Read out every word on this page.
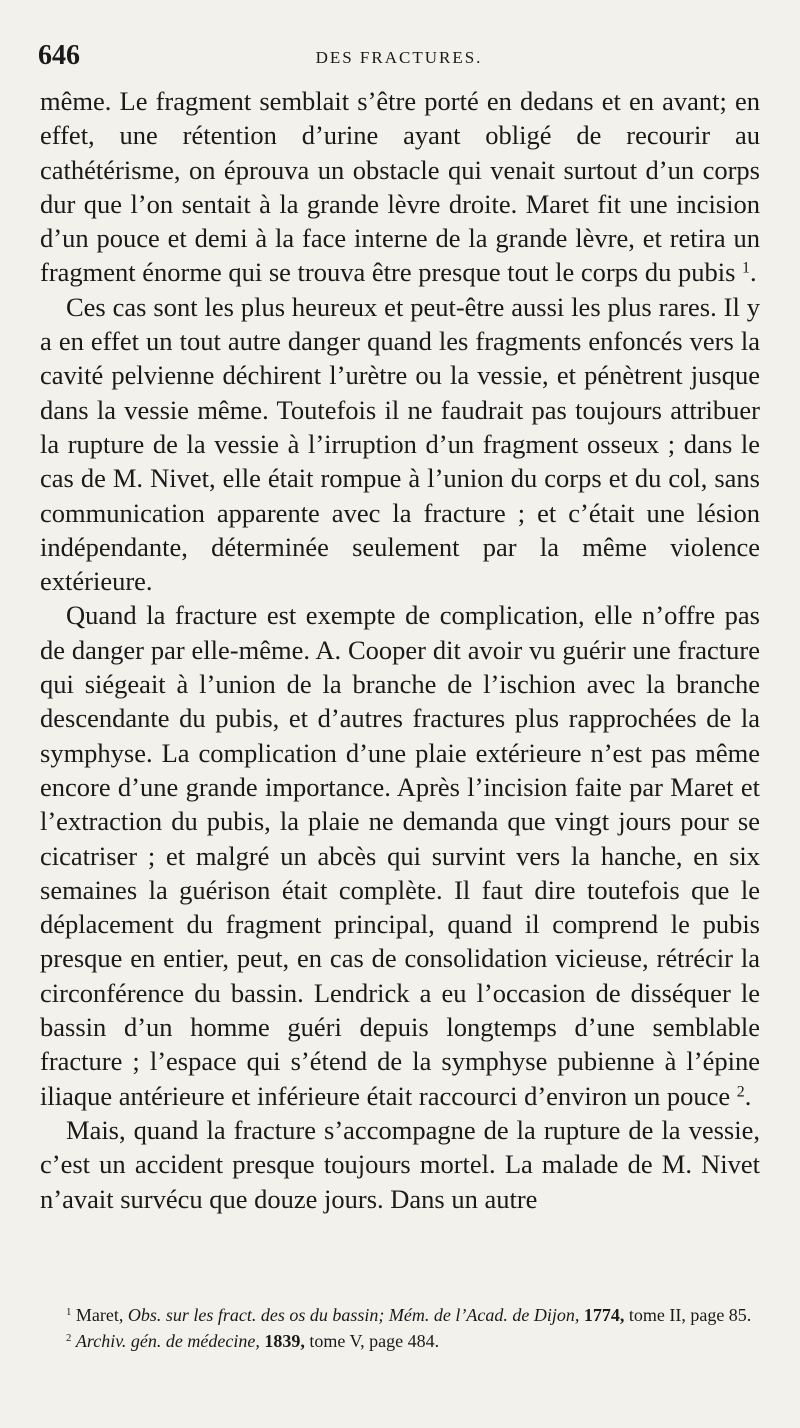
646	DES FRACTURES.

même. Le fragment semblait s’être porté en dedans et en avant; en effet, une rétention d’urine ayant obligé de recourir au cathétérisme, on éprouva un obstacle qui venait surtout d’un corps dur que l’on sentait à la grande lèvre droite. Maret fit une incision d’un pouce et demi à la face interne de la grande lèvre, et retira un fragment énorme qui se trouva être presque tout le corps du pubis $^1$.

Ces cas sont les plus heureux et peut-être aussi les plus rares. Il y a en effet un tout autre danger quand les fragments enfoncés vers la cavité pelvienne déchirent l’urètre ou la vessie, et pénètrent jusque dans la vessie même. Toutefois il ne faudrait pas toujours attribuer la rupture de la vessie à l’irruption d’un fragment osseux ; dans le cas de M. Nivet, elle était rompue à l’union du corps et du col, sans communication apparente avec la fracture ; et c’était une lésion indépendante, déterminée seulement par la même violence extérieure.

Quand la fracture est exempte de complication, elle n’offre pas de danger par elle-même. A. Cooper dit avoir vu guérir une fracture qui siégeait à l’union de la branche de l’ischion avec la branche descendante du pubis, et d’autres fractures plus rapprochées de la symphyse. La complication d’une plaie extérieure n’est pas même encore d’une grande importance. Après l’incision faite par Maret et l’extraction du pubis, la plaie ne demanda que vingt jours pour se cicatriser ; et malgré un abcès qui survint vers la hanche, en six semaines la guérison était complète. Il faut dire toutefois que le déplacement du fragment principal, quand il comprend le pubis presque en entier, peut, en cas de consolidation vicieuse, rétrécir la circonférence du bassin. Lendrick a eu l’occasion de disséquer le bassin d’un homme guéri depuis longtemps d’une semblable fracture ; l’espace qui s’étend de la symphyse pubienne à l’épine iliaque antérieure et inférieure était raccourci d’environ un pouce $^2$.

Mais, quand la fracture s’accompagne de la rupture de la vessie, c’est un accident presque toujours mortel. La malade de M. Nivet n’avait survécu que douze jours. Dans un autre

$^1$ Maret, Obs. sur les fract. des os du bassin; Mém. de l’Acad. de Dijon, 1774, tome II, page 85.

$^2$ Archiv. gén. de médecine, 1839, tome V, page 484.
